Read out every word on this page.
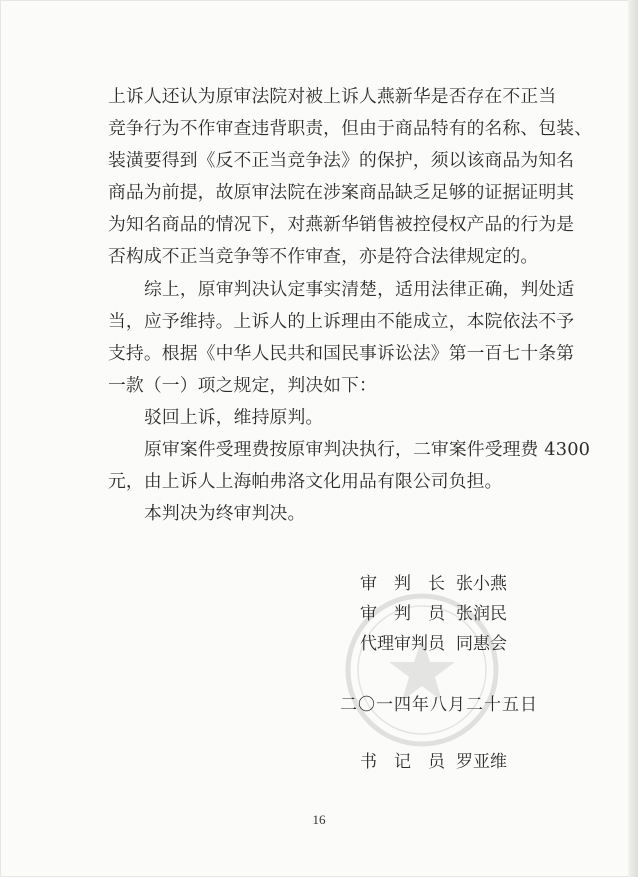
上诉人还认为原审法院对被上诉人燕新华是否存在不正当
竞争行为不作审查违背职责，但由于商品特有的名称、包装、
装潢要得到《反不正当竞争法》的保护，须以该商品为知名
商品为前提，故原审法院在涉案商品缺乏足够的证据证明其
为知名商品的情况下，对燕新华销售被控侵权产品的行为是
否构成不正当竞争等不作审查，亦是符合法律规定的。
综上，原审判决认定事实清楚，适用法律正确，判处适
当，应予维持。上诉人的上诉理由不能成立，本院依法不予
支持。根据《中华人民共和国民事诉讼法》第一百七十条第
一款（一）项之规定，判决如下：
驳回上诉，维持原判。
原审案件受理费按原审判决执行，二审案件受理费 4300
元，由上诉人上海帕弗洛文化用品有限公司负担。
本判决为终审判决。
审　判　长 张小燕
审　判　员 张润民
代理审判员 同惠会
二〇一四年八月二十五日
书　记　员 罗亚维
16
